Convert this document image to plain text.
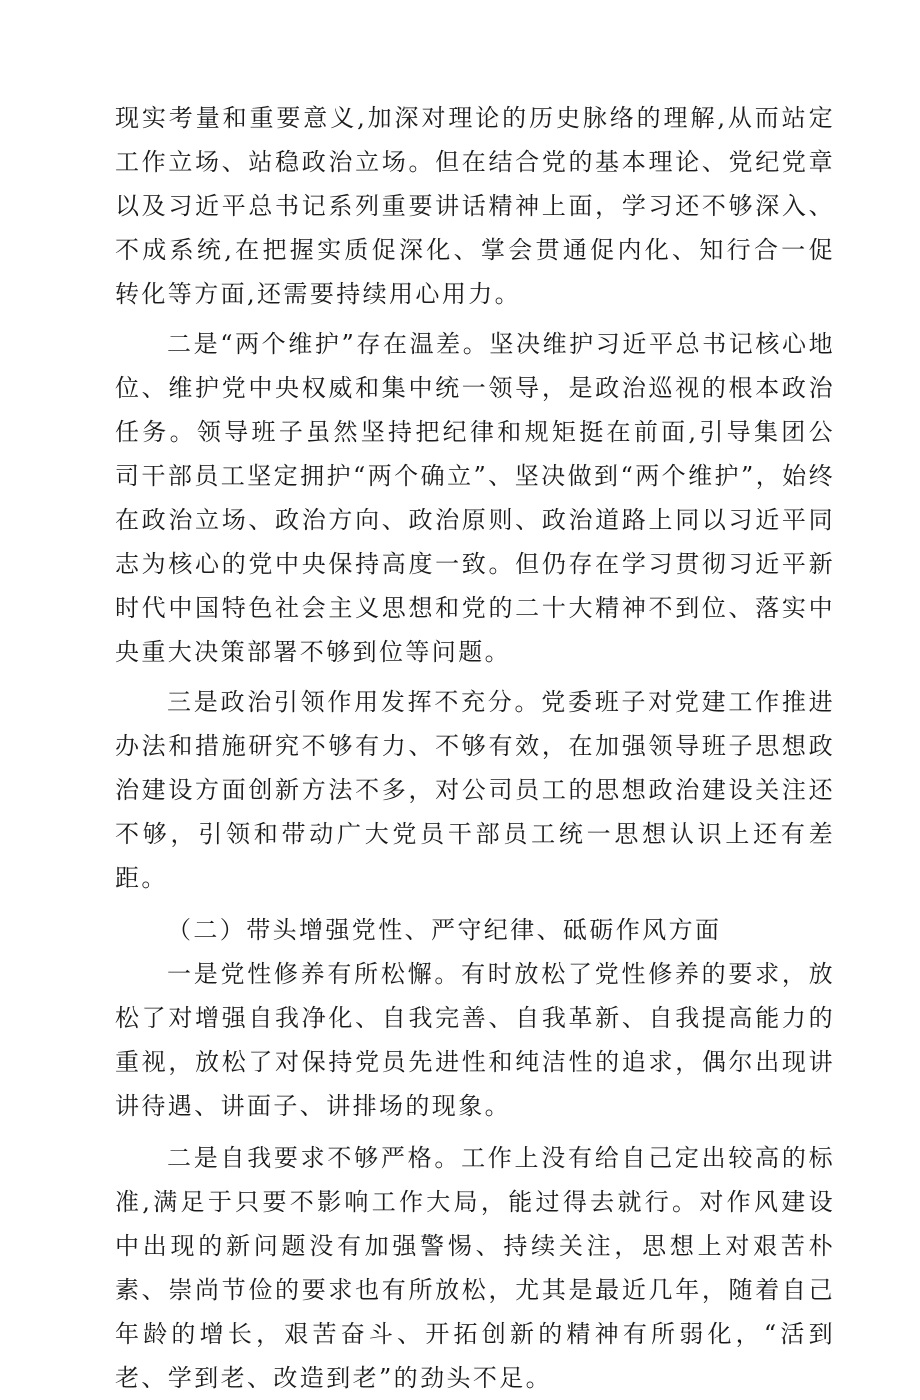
现实考量和重要意义,加深对理论的历史脉络的理解,从而站定工作立场、站稳政治立场。但在结合党的基本理论、党纪党章以及习近平总书记系列重要讲话精神上面，学习还不够深入、不成系统,在把握实质促深化、掌会贯通促内化、知行合一促转化等方面,还需要持续用心用力。

二是“两个维护”存在温差。坚决维护习近平总书记核心地位、维护党中央权威和集中统一领导，是政治巡视的根本政治任务。领导班子虽然坚持把纪律和规矩挺在前面,引导集团公司干部员工坚定拥护“两个确立”、坚决做到“两个维护”，始终在政治立场、政治方向、政治原则、政治道路上同以习近平同志为核心的党中央保持高度一致。但仍存在学习贯彻习近平新时代中国特色社会主义思想和党的二十大精神不到位、落实中央重大决策部署不够到位等问题。

三是政治引领作用发挥不充分。党委班子对党建工作推进办法和措施研究不够有力、不够有效，在加强领导班子思想政治建设方面创新方法不多，对公司员工的思想政治建设关注还不够，引领和带动广大党员干部员工统一思想认识上还有差距。

（二）带头增强党性、严守纪律、砥砺作风方面

一是党性修养有所松懈。有时放松了党性修养的要求，放松了对增强自我净化、自我完善、自我革新、自我提高能力的重视，放松了对保持党员先进性和纯洁性的追求，偶尔出现讲讲待遇、讲面子、讲排场的现象。

二是自我要求不够严格。工作上没有给自己定出较高的标准,满足于只要不影响工作大局，能过得去就行。对作风建设中出现的新问题没有加强警惕、持续关注，思想上对艰苦朴素、崇尚节俭的要求也有所放松，尤其是最近几年，随着自己年龄的增长，艰苦奋斗、开拓创新的精神有所弱化，“活到老、学到老、改造到老”的劲头不足。
